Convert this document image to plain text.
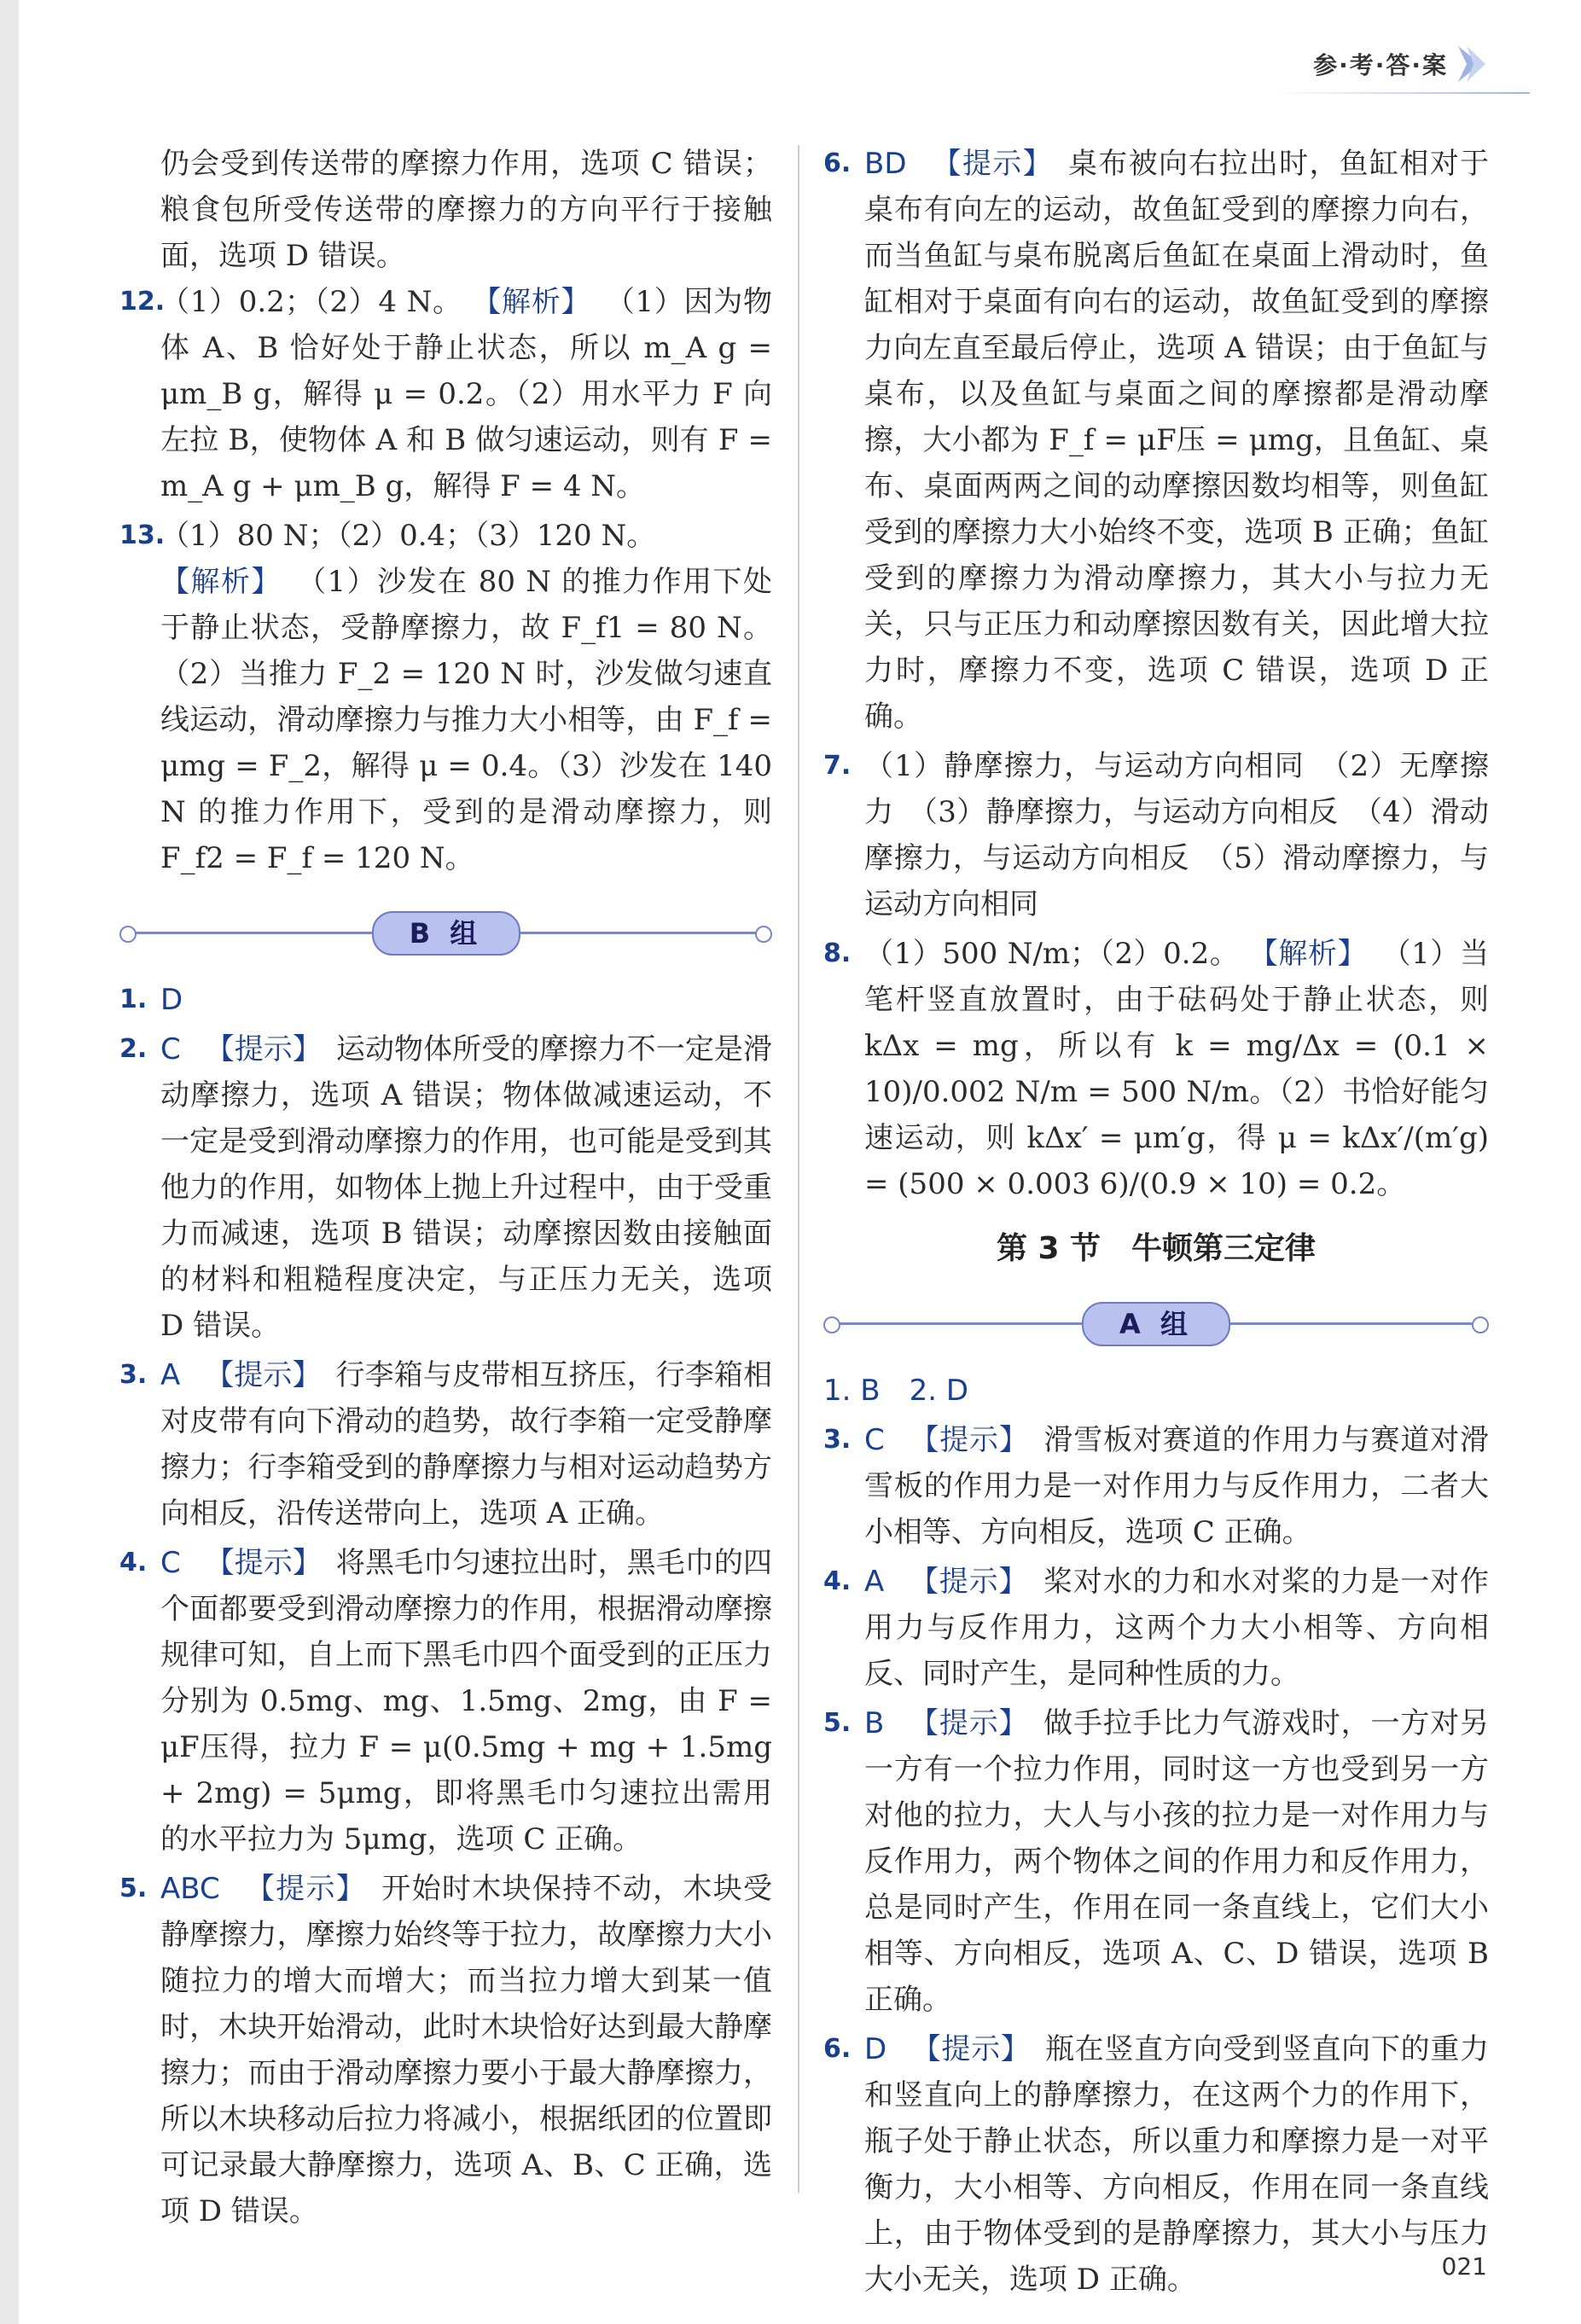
参·考·答·案
仍会受到传送带的摩擦力作用，选项 C 错误；粮食包所受传送带的摩擦力的方向平行于接触面，选项 D 错误。
12.
（1）0.2；（2）4 N。 【解析】 （1）因为物体 A、B 恰好处于静止状态，所以 m_A g = μm_B g，解得 μ = 0.2。（2）用水平力 F 向左拉 B，使物体 A 和 B 做匀速运动，则有 F = m_A g + μm_B g，解得 F = 4 N。
13.
（1）80 N；（2）0.4；（3）120 N。
【解析】 （1）沙发在 80 N 的推力作用下处于静止状态，受静摩擦力，故 F_f1 = 80 N。（2）当推力 F_2 = 120 N 时，沙发做匀速直线运动，滑动摩擦力与推力大小相等，由 F_f = μmg = F_2，解得 μ = 0.4。（3）沙发在 140 N 的推力作用下，受到的是滑动摩擦力，则 F_f2 = F_f = 120 N。
B 组
1. D
2. C 【提示】 运动物体所受的摩擦力不一定是滑动摩擦力，选项 A 错误；物体做减速运动，不一定是受到滑动摩擦力的作用，也可能是受到其他力的作用，如物体上抛上升过程中，由于受重力而减速，选项 B 错误；动摩擦因数由接触面的材料和粗糙程度决定，与正压力无关，选项 D 错误。
3. A 【提示】 行李箱与皮带相互挤压，行李箱相对皮带有向下滑动的趋势，故行李箱一定受静摩擦力；行李箱受到的静摩擦力与相对运动趋势方向相反，沿传送带向上，选项 A 正确。
4. C 【提示】 将黑毛巾匀速拉出时，黑毛巾的四个面都要受到滑动摩擦力的作用，根据滑动摩擦规律可知，自上而下黑毛巾四个面受到的正压力分别为 0.5mg、mg、1.5mg、2mg，由 F = μF压得，拉力 F = μ(0.5mg + mg + 1.5mg + 2mg) = 5μmg，即将黑毛巾匀速拉出需用的水平拉力为 5μmg，选项 C 正确。
5. ABC 【提示】 开始时木块保持不动，木块受静摩擦力，摩擦力始终等于拉力，故摩擦力大小随拉力的增大而增大；而当拉力增大到某一值时，木块开始滑动，此时木块恰好达到最大静摩擦力；而由于滑动摩擦力要小于最大静摩擦力，所以木块移动后拉力将减小，根据纸团的位置即可记录最大静摩擦力，选项 A、B、C 正确，选项 D 错误。
6. BD 【提示】 桌布被向右拉出时，鱼缸相对于桌布有向左的运动，故鱼缸受到的摩擦力向右，而当鱼缸与桌布脱离后鱼缸在桌面上滑动时，鱼缸相对于桌面有向右的运动，故鱼缸受到的摩擦力向左直至最后停止，选项 A 错误；由于鱼缸与桌布，以及鱼缸与桌面之间的摩擦都是滑动摩擦，大小都为 F_f = μF压 = μmg，且鱼缸、桌布、桌面两两之间的动摩擦因数均相等，则鱼缸受到的摩擦力大小始终不变，选项 B 正确；鱼缸受到的摩擦力为滑动摩擦力，其大小与拉力无关，只与正压力和动摩擦因数有关，因此增大拉力时，摩擦力不变，选项 C 错误，选项 D 正确。
7. （1）静摩擦力，与运动方向相同　（2）无摩擦力　（3）静摩擦力，与运动方向相反　（4）滑动摩擦力，与运动方向相反　（5）滑动摩擦力，与运动方向相同
8. （1）500 N/m；（2）0.2。 【解析】 （1）当笔杆竖直放置时，由于砝码处于静止状态，则 kΔx = mg，所以有 k = mg/Δx = (0.1 × 10)/0.002 N/m = 500 N/m。（2）书恰好能匀速运动，则 kΔx′ = μm′g，得 μ = kΔx′/(m′g) = (500 × 0.003 6)/(0.9 × 10) = 0.2。
第 3 节　牛顿第三定律
A 组
1. B　2. D
3. C 【提示】 滑雪板对赛道的作用力与赛道对滑雪板的作用力是一对作用力与反作用力，二者大小相等、方向相反，选项 C 正确。
4. A 【提示】 桨对水的力和水对桨的力是一对作用力与反作用力，这两个力大小相等、方向相反、同时产生，是同种性质的力。
5. B 【提示】 做手拉手比力气游戏时，一方对另一方有一个拉力作用，同时这一方也受到另一方对他的拉力，大人与小孩的拉力是一对作用力与反作用力，两个物体之间的作用力和反作用力，总是同时产生，作用在同一条直线上，它们大小相等、方向相反，选项 A、C、D 错误，选项 B 正确。
6. D 【提示】 瓶在竖直方向受到竖直向下的重力和竖直向上的静摩擦力，在这两个力的作用下，瓶子处于静止状态，所以重力和摩擦力是一对平衡力，大小相等、方向相反，作用在同一条直线上，由于物体受到的是静摩擦力，其大小与压力大小无关，选项 D 正确。	021
